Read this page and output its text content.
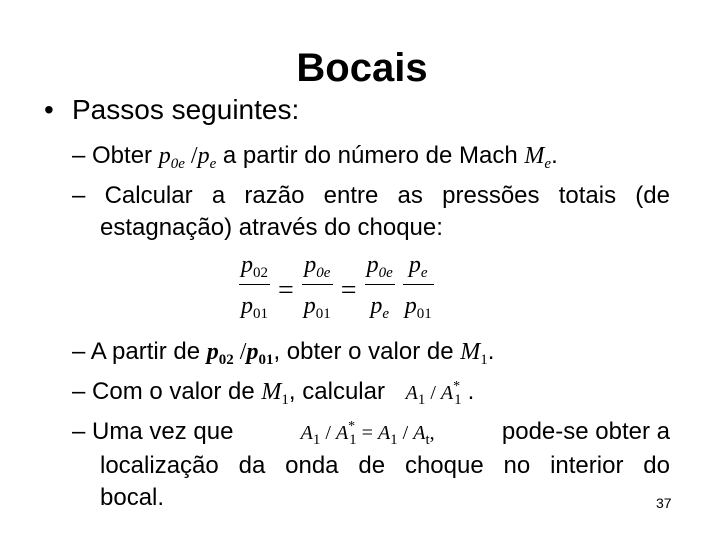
Bocais
• Passos seguintes:
– Obter $p_{0e}$ $/p_e$ a partir do número de Mach $M_e$.
– Calcular a razão entre as pressões totais (de
estagnação) através do choque:
$\frac{p_{02}}{p_{01}} = \frac{p_{0e}}{p_{01}} = \frac{p_{0e}}{p_e} \frac{p_e}{p_{01}}$
– A partir de $p_{02}$ $/p_{01}$, obter o valor de $M_1$.
– Com o valor de $M_1$, calcular $A_1 / A^*_1$ .
– Uma vez que	$A_1 / A^*_1 = A_1 / A_t$,	pode-se obter a
localização da onda de choque no interior do
bocal.	37
